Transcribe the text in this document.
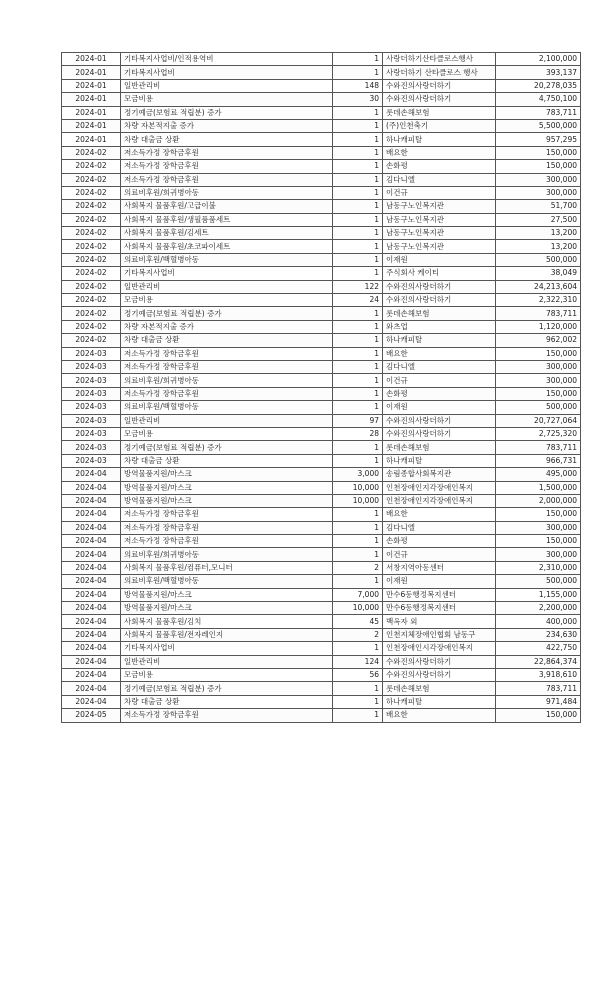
2024-01	기타복지사업비/인적용역비	1	사랑더하기산타클로스행사	2,100,000
2024-01	기타복지사업비	1	사랑더하기 산타클로스 행사	393,137
2024-01	일반관리비	148	수와진의사랑더하기	20,278,035
2024-01	모금비용	30	수와진의사랑더하기	4,750,100
2024-01	정기예금(보험료 적립분) 증가	1	롯데손해보험	783,711
2024-01	차량 자본적지출 증가	1	(주)인천축기	5,500,000
2024-01	차량 대출금 상환	1	하나캐피탈	957,295
2024-02	저소득가정 장학금후원	1	배요한	150,000
2024-02	저소득가정 장학금후원	1	손화평	150,000
2024-02	저소득가정 장학금후원	1	김다니엘	300,000
2024-02	의료비후원/희귀병아동	1	이건규	300,000
2024-02	사회복지 물품후원/고급이불	1	남동구노인복지관	51,700
2024-02	사회복지 물품후원/생필품품세트	1	남동구노인복지관	27,500
2024-02	사회복지 물품후원/김세트	1	남동구노인복지관	13,200
2024-02	사회복지 물품후원/초코파이세트	1	남동구노인복지관	13,200
2024-02	의료비후원/백혈병아동	1	이재원	500,000
2024-02	기타복지사업비	1	주식회사 케이티	38,049
2024-02	일반관리비	122	수와진의사랑더하기	24,213,604
2024-02	모금비용	24	수와진의사랑더하기	2,322,310
2024-02	정기예금(보험료 적립분) 증가	1	롯데손해보험	783,711
2024-02	차량 자본적지출 증가	1	와츠업	1,120,000
2024-02	차량 대출금 상환	1	하나캐피탈	962,002
2024-03	저소득가정 장학금후원	1	배요한	150,000
2024-03	저소득가정 장학금후원	1	김다니엘	300,000
2024-03	의료비후원/희귀병아동	1	이건규	300,000
2024-03	저소득가정 장학금후원	1	손화평	150,000
2024-03	의료비후원/백혈병아동	1	이재원	500,000
2024-03	일반관리비	97	수와진의사랑더하기	20,727,064
2024-03	모금비용	28	수와진의사랑더하기	2,725,320
2024-03	정기예금(보험료 적립분) 증가	1	롯데손해보험	783,711
2024-03	차량 대출금 상환	1	하나캐피탈	966,731
2024-04	방역물품지원/마스크	3,000	송림종합사회복지관	495,000
2024-04	방역물품지원/마스크	10,000	인천장애인지각장애인복지	1,500,000
2024-04	방역물품지원/마스크	10,000	인천장애인지각장애인복지	2,000,000
2024-04	저소득가정 장학금후원	1	배요한	150,000
2024-04	저소득가정 장학금후원	1	김다니엘	300,000
2024-04	저소득가정 장학금후원	1	손화평	150,000
2024-04	의료비후원/희귀병아동	1	이건규	300,000
2024-04	사회복지 물품후원/컴퓨터,모니터	2	서창지역아동센터	2,310,000
2024-04	의료비후원/백혈병아동	1	이재원	500,000
2024-04	방역물품지원/마스크	7,000	만수6동행정복지센터	1,155,000
2024-04	방역물품지원/마스크	10,000	만수6동행정복지센터	2,200,000
2024-04	사회복지 물품후원/김치	45	백옥자 외	400,000
2024-04	사회복지 물품후원/전자레인지	2	인천지체장애인협회 남동구	234,630
2024-04	기타복지사업비	1	인천장애인시각장애인복지	422,750
2024-04	일반관리비	124	수와진의사랑더하기	22,864,374
2024-04	모금비용	56	수와진의사랑더하기	3,918,610
2024-04	정기예금(보험료 적립분) 증가	1	롯데손해보험	783,711
2024-04	차량 대출금 상환	1	하나캐피탈	971,484
2024-05	저소득가정 장학금후원	1	배요한	150,000
